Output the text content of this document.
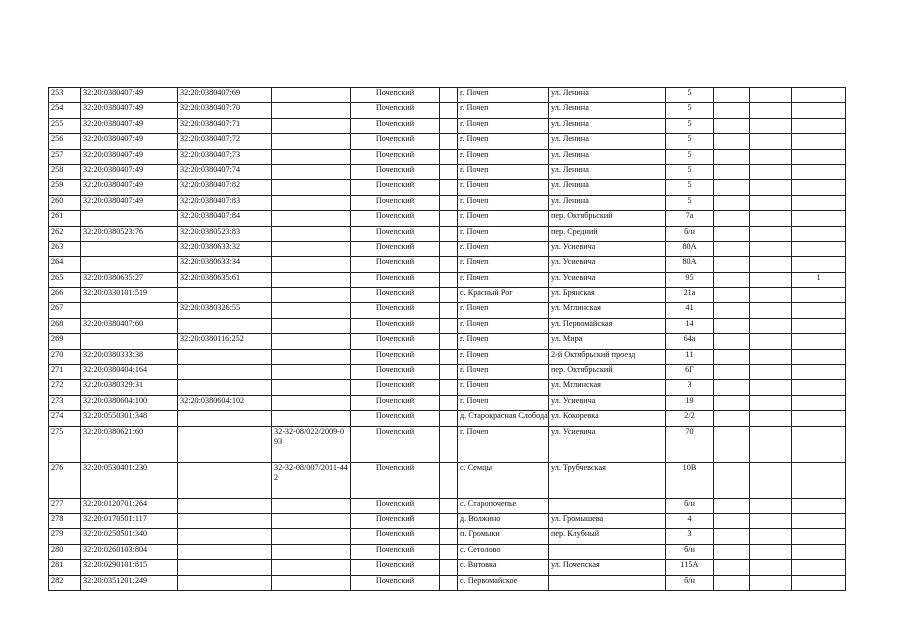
253	32:20:0380407:49	32:20:0380407:69		Почепский		г. Почеп	ул. Ленина	5			
254	32:20:0380407:49	32:20:0380407:70		Почепский		г. Почеп	ул. Ленина	5			
255	32:20:0380407:49	32:20:0380407:71		Почепский		г. Почеп	ул. Ленина	5			
256	32:20:0380407:49	32:20:0380407:72		Почепский		г. Почеп	ул. Ленина	5			
257	32:20:0380407:49	32:20:0380407:73		Почепский		г. Почеп	ул. Ленина	5			
258	32:20:0380407:49	32:20:0380407:74		Почепский		г. Почеп	ул. Ленина	5			
259	32:20:0380407:49	32:20:0380407:82		Почепский		г. Почеп	ул. Ленина	5			
260	32:20:0380407:49	32:20:0380407:83		Почепский		г. Почеп	ул. Ленина	5			
261		32:20:0380407:84		Почепский		г. Почеп	пер. Октябрьский	7а			
262	32:20:0380523:76	32:20:0380523:83		Почепский		г. Почеп	пер. Средний	б/н			
263		32:20:0380633:32		Почепский		г. Почеп	ул. Усиевича	80А			
264		32:20:0380633:34		Почепский		г. Почеп	ул. Усиевича	80А			
265	32:20:0380635:27	32:20:0380635:61		Почепский		г. Почеп	ул. Усиевича	95			1
266	32:20:0330101:519			Почепский		с. Красный Рог	ул. Брянская	21а			
267		32:20:0380326:55		Почепский		г. Почеп	ул. Мглинская	41			
268	32:20:0380407:60			Почепский		г. Почеп	ул. Первомайская	14			
269		32:20:0380116:252		Почепский		г. Почеп	ул. Мира	64а			
270	32:20:0380333:38			Почепский		г. Почеп	2-й Октябрьский проезд	11			
271	32:20:0380404:164			Почепский		г. Почеп	пер. Октябрьский	6Г			
272	32:20:0380329:31			Почепский		г. Почеп	ул. Мглинская	3			
273	32:20:0380604:100	32:20:0380604:102		Почепский		г. Почеп	ул. Усиевича	19			
274	32:20:0550301:348			Почепский		д. Старокрасная Слобода	ул. Кокоревка	2/2			
275	32:20:0380621:60		32-32-08/022/2009-093	Почепский		г. Почеп	ул. Усиевича	70			
276	32:20:0530401:230		32-32-08/007/2011-442	Почепский		с. Семцы	ул. Трубчевская	10В			
277	32:20:0120701:264			Почепский		с. Старопочепье		б/н			
278	32:20:0170501:117			Почепский		д. Волжино	ул. Громышева	4			
279	32:20:0250501:340			Почепский		п. Громыки	пер. Клубный	3			
280	32:20:0260103:804			Почепский		с. Сетолово		б/н			
281	32:20:0290101:815			Почепский		с. Витовка	ул. Почепская	115А			
282	32:20:0351201:249			Почепский		с. Первомайское		б/н			
